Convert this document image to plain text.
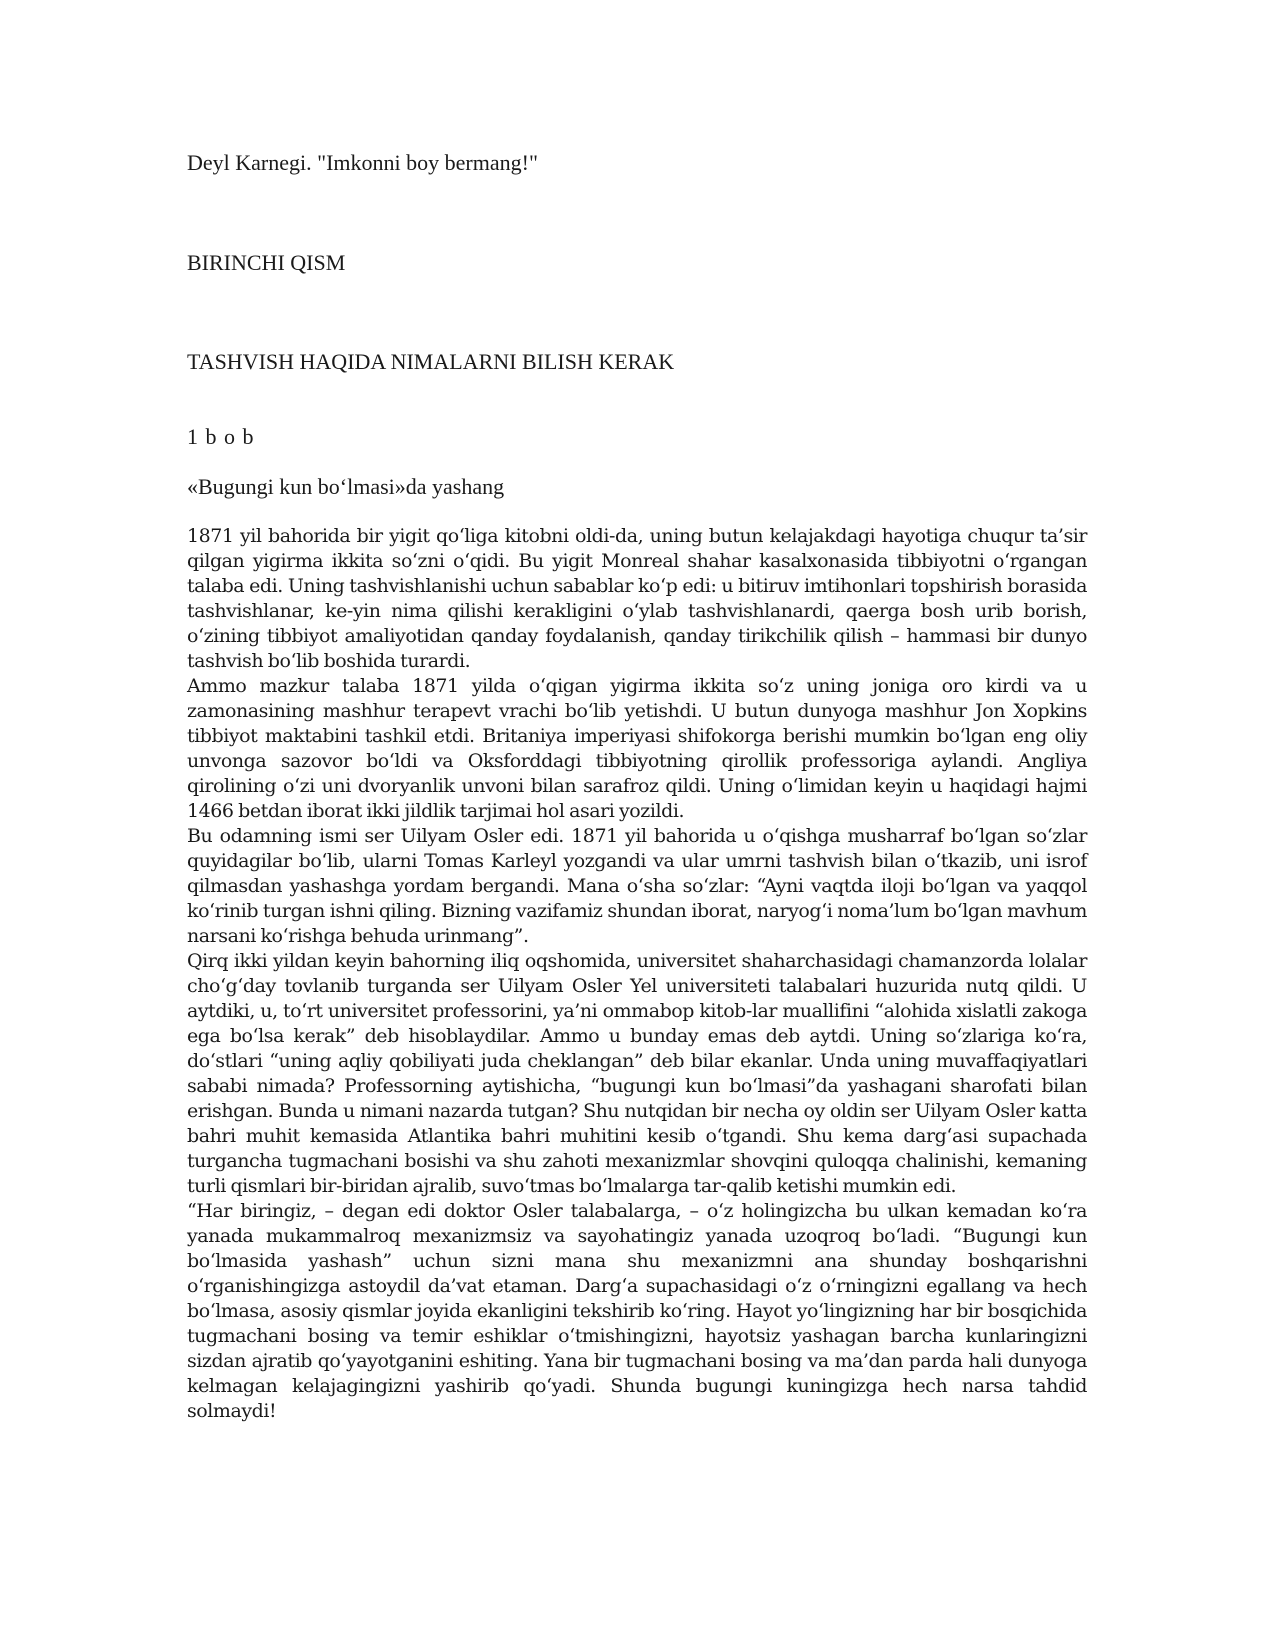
Deyl Karnegi. "Imkonni boy bermang!"

BIRINCHI QISM

TASHVISH HAQIDA NIMALARNI BILISH KERAK

1 b o b

«Bugungi kun bo‘lmasi»da yashang

1871 yil bahorida bir yigit qo‘liga kitobni oldi-da, uning butun kelajakdagi hayotiga chuqur ta’sir qilgan yigirma ikkita so‘zni o‘qidi. Bu yigit Monreal shahar kasalxonasida tibbiyotni o‘rgangan talaba edi. Uning tashvishlanishi uchun sabablar ko‘p edi: u bitiruv imtihonlari topshirish borasida tashvishlanar, ke-yin nima qilishi kerakligini o‘ylab tashvishlanardi, qaerga bosh urib borish, o‘zining tibbiyot amaliyotidan qanday foydalanish, qanday tirikchilik qilish – hammasi bir dunyo tashvish bo‘lib boshida turardi.

Ammo mazkur talaba 1871 yilda o‘qigan yigirma ikkita so‘z uning joniga oro kirdi va u zamonasining mashhur terapevt vrachi bo‘lib yetishdi. U butun dunyoga mashhur Jon Xopkins tibbiyot maktabini tashkil etdi. Britaniya imperiyasi shifokorga berishi mumkin bo‘lgan eng oliy unvonga sazovor bo‘ldi va Oksforddagi tibbiyotning qirollik professoriga aylandi. Angliya qirolining o‘zi uni dvoryanlik unvoni bilan sarafroz qildi. Uning o‘limidan keyin u haqidagi hajmi 1466 betdan iborat ikki jildlik tarjimai hol asari yozildi.

Bu odamning ismi ser Uilyam Osler edi. 1871 yil bahorida u o‘qishga musharraf bo‘lgan so‘zlar quyidagilar bo‘lib, ularni Tomas Karleyl yozgandi va ular umrni tashvish bilan o‘tkazib, uni isrof qilmasdan yashashga yordam bergandi. Mana o‘sha so‘zlar: “Ayni vaqtda iloji bo‘lgan va yaqqol ko‘rinib turgan ishni qiling. Bizning vazifamiz shundan iborat, naryog‘i noma’lum bo‘lgan mavhum narsani ko‘rishga behuda urinmang”.

Qirq ikki yildan keyin bahorning iliq oqshomida, universitet shaharchasidagi chamanzorda lolalar cho‘g‘day tovlanib turganda ser Uilyam Osler Yel universiteti talabalari huzurida nutq qildi. U aytdiki, u, to‘rt universitet professorini, ya’ni ommabop kitob-lar muallifini “alohida xislatli zakoga ega bo‘lsa kerak” deb hisoblaydilar. Ammo u bunday emas deb aytdi. Uning so‘zlariga ko‘ra, do‘stlari “uning aqliy qobiliyati juda cheklangan” deb bilar ekanlar. Unda uning muvaffaqiyatlari sababi nimada? Professorning aytishicha, “bugungi kun bo‘lmasi”da yashagani sharofati bilan erishgan. Bunda u nimani nazarda tutgan? Shu nutqidan bir necha oy oldin ser Uilyam Osler katta bahri muhit kemasida Atlantika bahri muhitini kesib o‘tgandi. Shu kema darg‘asi supachada turgancha tugmachani bosishi va shu zahoti mexanizmlar shovqini quloqqa chalinishi, kemaning turli qismlari bir-biridan ajralib, suvo‘tmas bo‘lmalarga tar-qalib ketishi mumkin edi.

“Har biringiz, – degan edi doktor Osler talabalarga, – o‘z holingizcha bu ulkan kemadan ko‘ra yanada mukammalroq mexanizmsiz va sayohatingiz yanada uzoqroq bo‘ladi. “Bugungi kun bo‘lmasida yashash” uchun sizni mana shu mexanizmni ana shunday boshqarishni o‘rganishingizga astoydil da’vat etaman. Darg‘a supachasidagi o‘z o‘rningizni egallang va hech bo‘lmasa, asosiy qismlar joyida ekanligini tekshirib ko‘ring. Hayot yo‘lingizning har bir bosqichida tugmachani bosing va temir eshiklar o‘tmishingizni, hayotsiz yashagan barcha kunlaringizni sizdan ajratib qo‘yayotganini eshiting. Yana bir tugmachani bosing va ma’dan parda hali dunyoga kelmagan kelajagingizni yashirib qo‘yadi. Shunda bugungi kuningizga hech narsa tahdid solmaydi!
